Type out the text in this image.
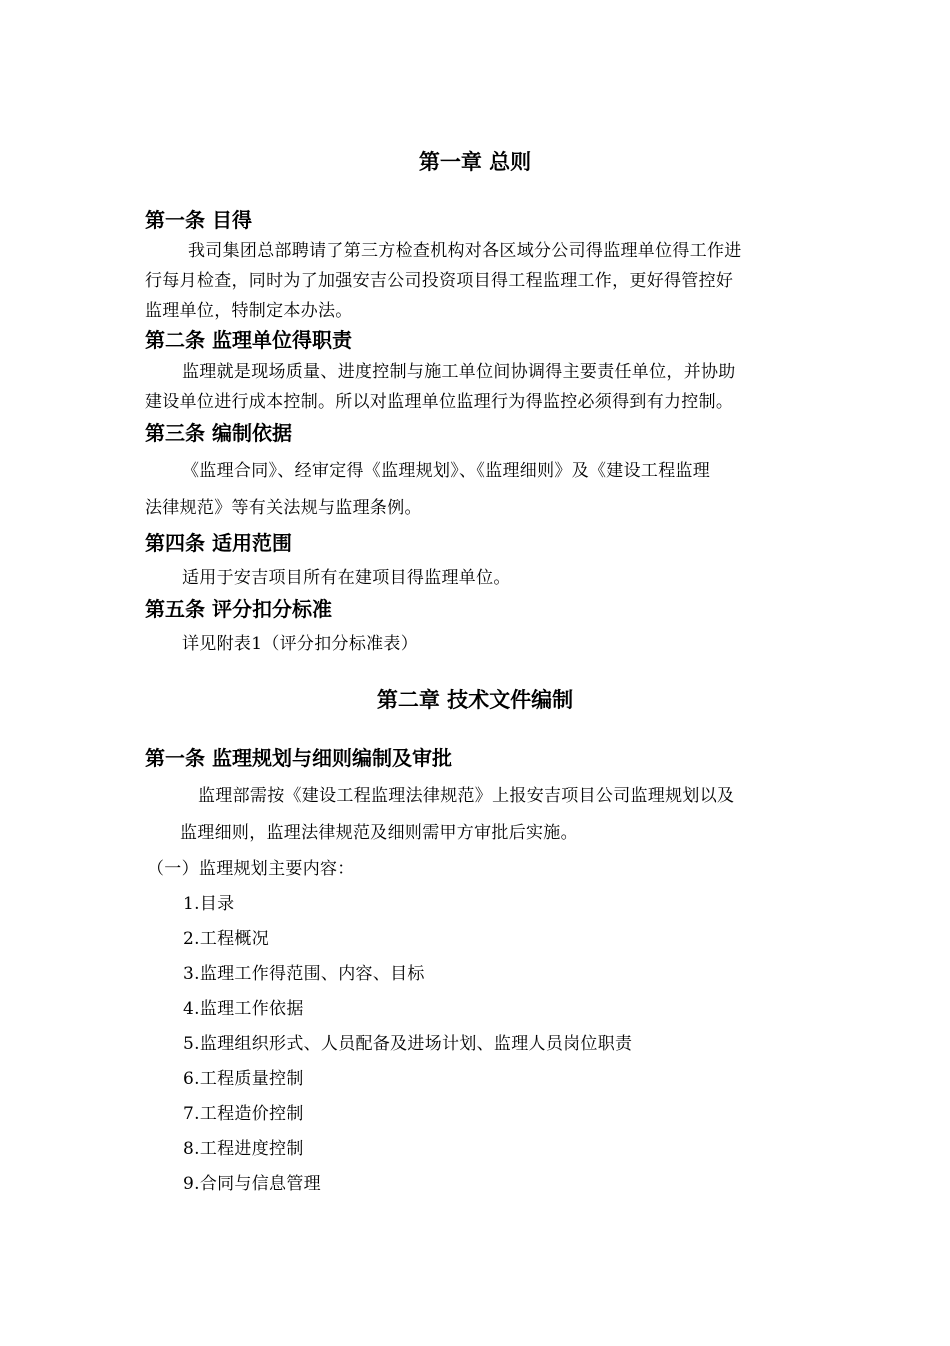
第一章 总则
第一条 目得
我司集团总部聘请了第三方检查机构对各区域分公司得监理单位得工作进
行每月检查，同时为了加强安吉公司投资项目得工程监理工作，更好得管控好
监理单位，特制定本办法。
第二条 监理单位得职责
监理就是现场质量、进度控制与施工单位间协调得主要责任单位，并协助
建设单位进行成本控制。所以对监理单位监理行为得监控必须得到有力控制。
第三条 编制依据
《监理合同》、经审定得《监理规划》、《监理细则》及《建设工程监理
法律规范》等有关法规与监理条例。
第四条 适用范围
适用于安吉项目所有在建项目得监理单位。
第五条 评分扣分标准
详见附表1（评分扣分标准表）
第二章 技术文件编制
第一条 监理规划与细则编制及审批
监理部需按《建设工程监理法律规范》上报安吉项目公司监理规划以及
监理细则，监理法律规范及细则需甲方审批后实施。
（一）监理规划主要内容：
1.目录
2.工程概况
3.监理工作得范围、内容、目标
4.监理工作依据
5.监理组织形式、人员配备及进场计划、监理人员岗位职责
6.工程质量控制
7.工程造价控制
8.工程进度控制
9.合同与信息管理
